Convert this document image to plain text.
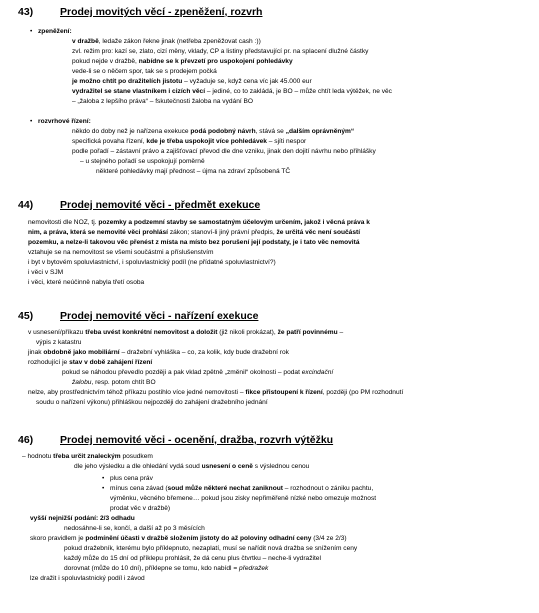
43)	Prodej movitých věcí - zpeněžení, rozvrh
zpeněžení:
v dražbě, ledaže zákon řekne jinak (netřeba zpeněžovat cash :))
zvl. režim pro: kazí se, zlato, cizí měny, vklady, CP a listiny představující pr. na splacení dlužné částky
pokud nejde v dražbě, nabídne se k převzetí pro uspokojení pohledávky
vede-li se o něčem spor, tak se s prodejem počká
je možno chtít po dražitelích jistotu – vyžaduje se, když cena víc jak 45.000 eur
vydražitel se stane vlastníkem i cizích věcí – jediné, co to zakládá, je BO – může chtít leda výtěžek, ne věc
– „žaloba z lepšího práva“ – fskutečnosti žaloba na vydání BO
rozvrhové řízení:
někdo do doby než je nařízena exekuce podá podobný návrh, stává se „dalším oprávněným“
specifická povaha řízení, kde je třeba uspokojit více pohledávek – sjíti nespor
podle pořadí – zástavní právo a zajišťovací převod dle dne vzniku, jinak den dojití návrhu nebo přihlášky
– u stejného pořadí se uspokojují poměrně
některé pohledávky mají přednost – újma na zdraví způsobená TČ
•
•
44)	Prodej nemovité věci - předmět exekuce
nemovitosti dle NOZ, tj. pozemky a podzemní stavby se samostatným účelovým určením, jakož i věcná práva k
nim, a práva, která se nemovité věci prohlásí zákon; stanoví-li jiný právní předpis, že určitá věc není součástí
pozemku, a nelze-li takovou věc přenést z místa na místo bez porušení její podstaty, je i tato věc nemovitá
vztahuje se na nemovitost se všemi součástmi a příslušenstvím
i byt v bytovém spoluvlastnictví, i spoluvlastnický podíl (ne přídatné spoluvlastnictví?)
i věci v SJM
i věci, které neúčinně nabyla třetí osoba
45)	Prodej nemovité věci - nařízení exekuce
v usnesení/příkazu třeba uvést konkrétní nemovitost a doložit (již nikoli prokázat), že patří povinnému –
výpis z katastru
jinak obdobně jako mobiliární – dražební vyhláška – co, za kolik, kdy bude dražební rok
rozhodující je stav v době zahájení řízení
pokud se náhodou převedlo později a pak vklad zpětně „změnil“ okolnosti – podat excindační
žalobu, resp. potom chtít BO
nelze, aby prostřednictvím téhož příkazu postihlo více jedné nemovitosti – fikce přistoupení k řízení, později (po PM rozhodnutí
soudu o nařízení výkonu) přihláškou nejpozději do zahájení dražebního jednání
46)	Prodej nemovité věci - ocenění, dražba, rozvrh výtěžku
– hodnotu třeba určit znaleckým posudkem
dle jeho výsledku a dle ohledání vydá soud usnesení o ceně s výslednou cenou
plus cena práv
mínus cena závad (soud může některé nechat zaniknout – rozhodnout o zániku pachtu,
výměnku, věcného břemene… pokud jsou zisky nepřiměřeně nízké nebo omezuje možnost
prodat věc v dražbě)
vyšší nejnižší podání: 2/3 odhadu
nedosáhne-li se, končí, a další až po 3 měsících
skoro pravidlem je podmínění účasti v dražbě složením jistoty do až poloviny odhadní ceny (3/4 ze 2/3)
pokud dražebník, kterému bylo příklepnuto, nezaplatí, musí se nařídit nová dražba se snížením ceny
každý může do 15 dní od příklepu prohlásit, že dá cenu plus čtvrtku – neche-li vydražitel
dorovnat (může do 10 dní), příklepne se tomu, kdo nabídl = předražek
lze dražit i spoluvlastnický podíl i závod
•
•
